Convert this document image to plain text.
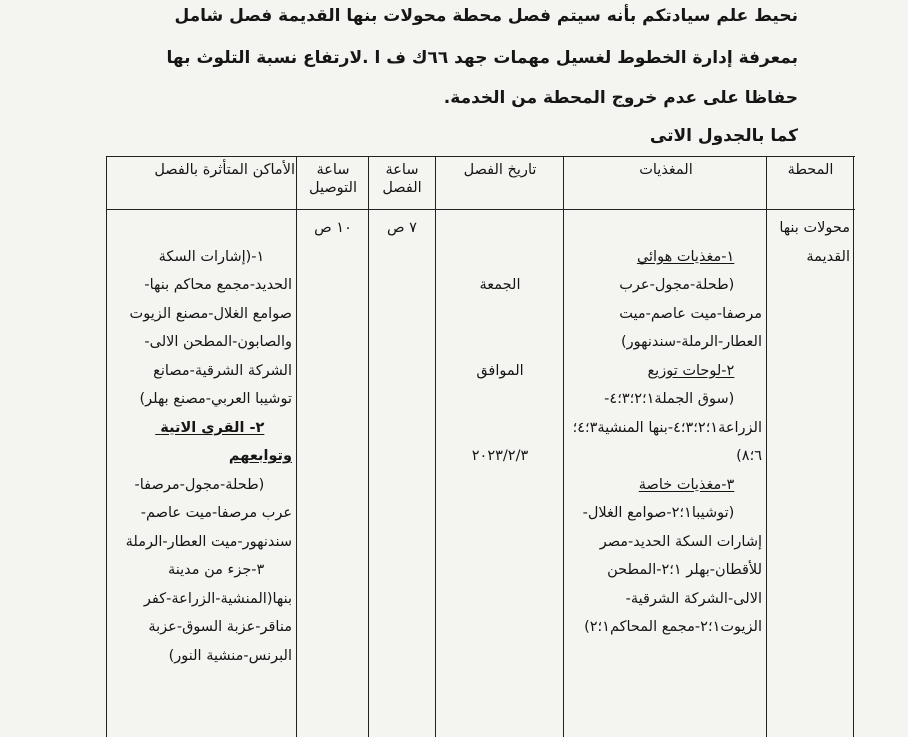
نحيط علم سيادتكم بأنه سيتم فصل محطة محولات بنها القديمة فصل شامل
بمعرفة إدارة الخطوط لغسيل مهمات جهد ٦٦ك ف ا .لارتفاع نسبة التلوث بها
حفاظا على عدم خروج المحطة من الخدمة.
كما بالجدول الاتى
المحطة
المغذيات
تاريخ الفصل
ساعة الفصل
ساعة التوصيل
الأماكن المتأثرة بالفصل
محولات بنها القديمة

١-مغذيات هوائي
(طحلة-مجول-عرب مرصفا-ميت عاصم-ميت العطار-الرملة-سندنهور)
٢-لوحات توزيع
(سوق الجملة١؛٢؛٣؛٤-الزراعة١؛٢؛٣؛٤-بنها المنشية٣؛٤؛٦؛٨)
٣-مغذيات خاصة
(توشيبا١؛٢-صوامع الغلال-إشارات السكة الحديد-مصر للأقطان-بهلر ١؛٢-المطحن الالى-الشركة الشرقية-الزيوت١؛٢-مجمع المحاكم١؛٢)

الجمعة

الموافق

٢٠٢٣/٢/٣

٧ ص
١٠ ص

١-(إشارات السكة الحديد-مجمع محاكم بنها-صوامع الغلال-مصنع الزيوت والصابون-المطحن الالى-الشركة الشرقية-مصانع توشيبا العربي-مصنع بهلر)
٢- القرى الاتية وتوابعهم
(طحلة-مجول-مرصفا-عرب مرصفا-ميت عاصم-سندنهور-ميت العطار-الرملة
٣-جزء من مدينة بنها(المنشية-الزراعة-كفر مناقر-عزبة السوق-عزبة البرنس-منشية النور)
